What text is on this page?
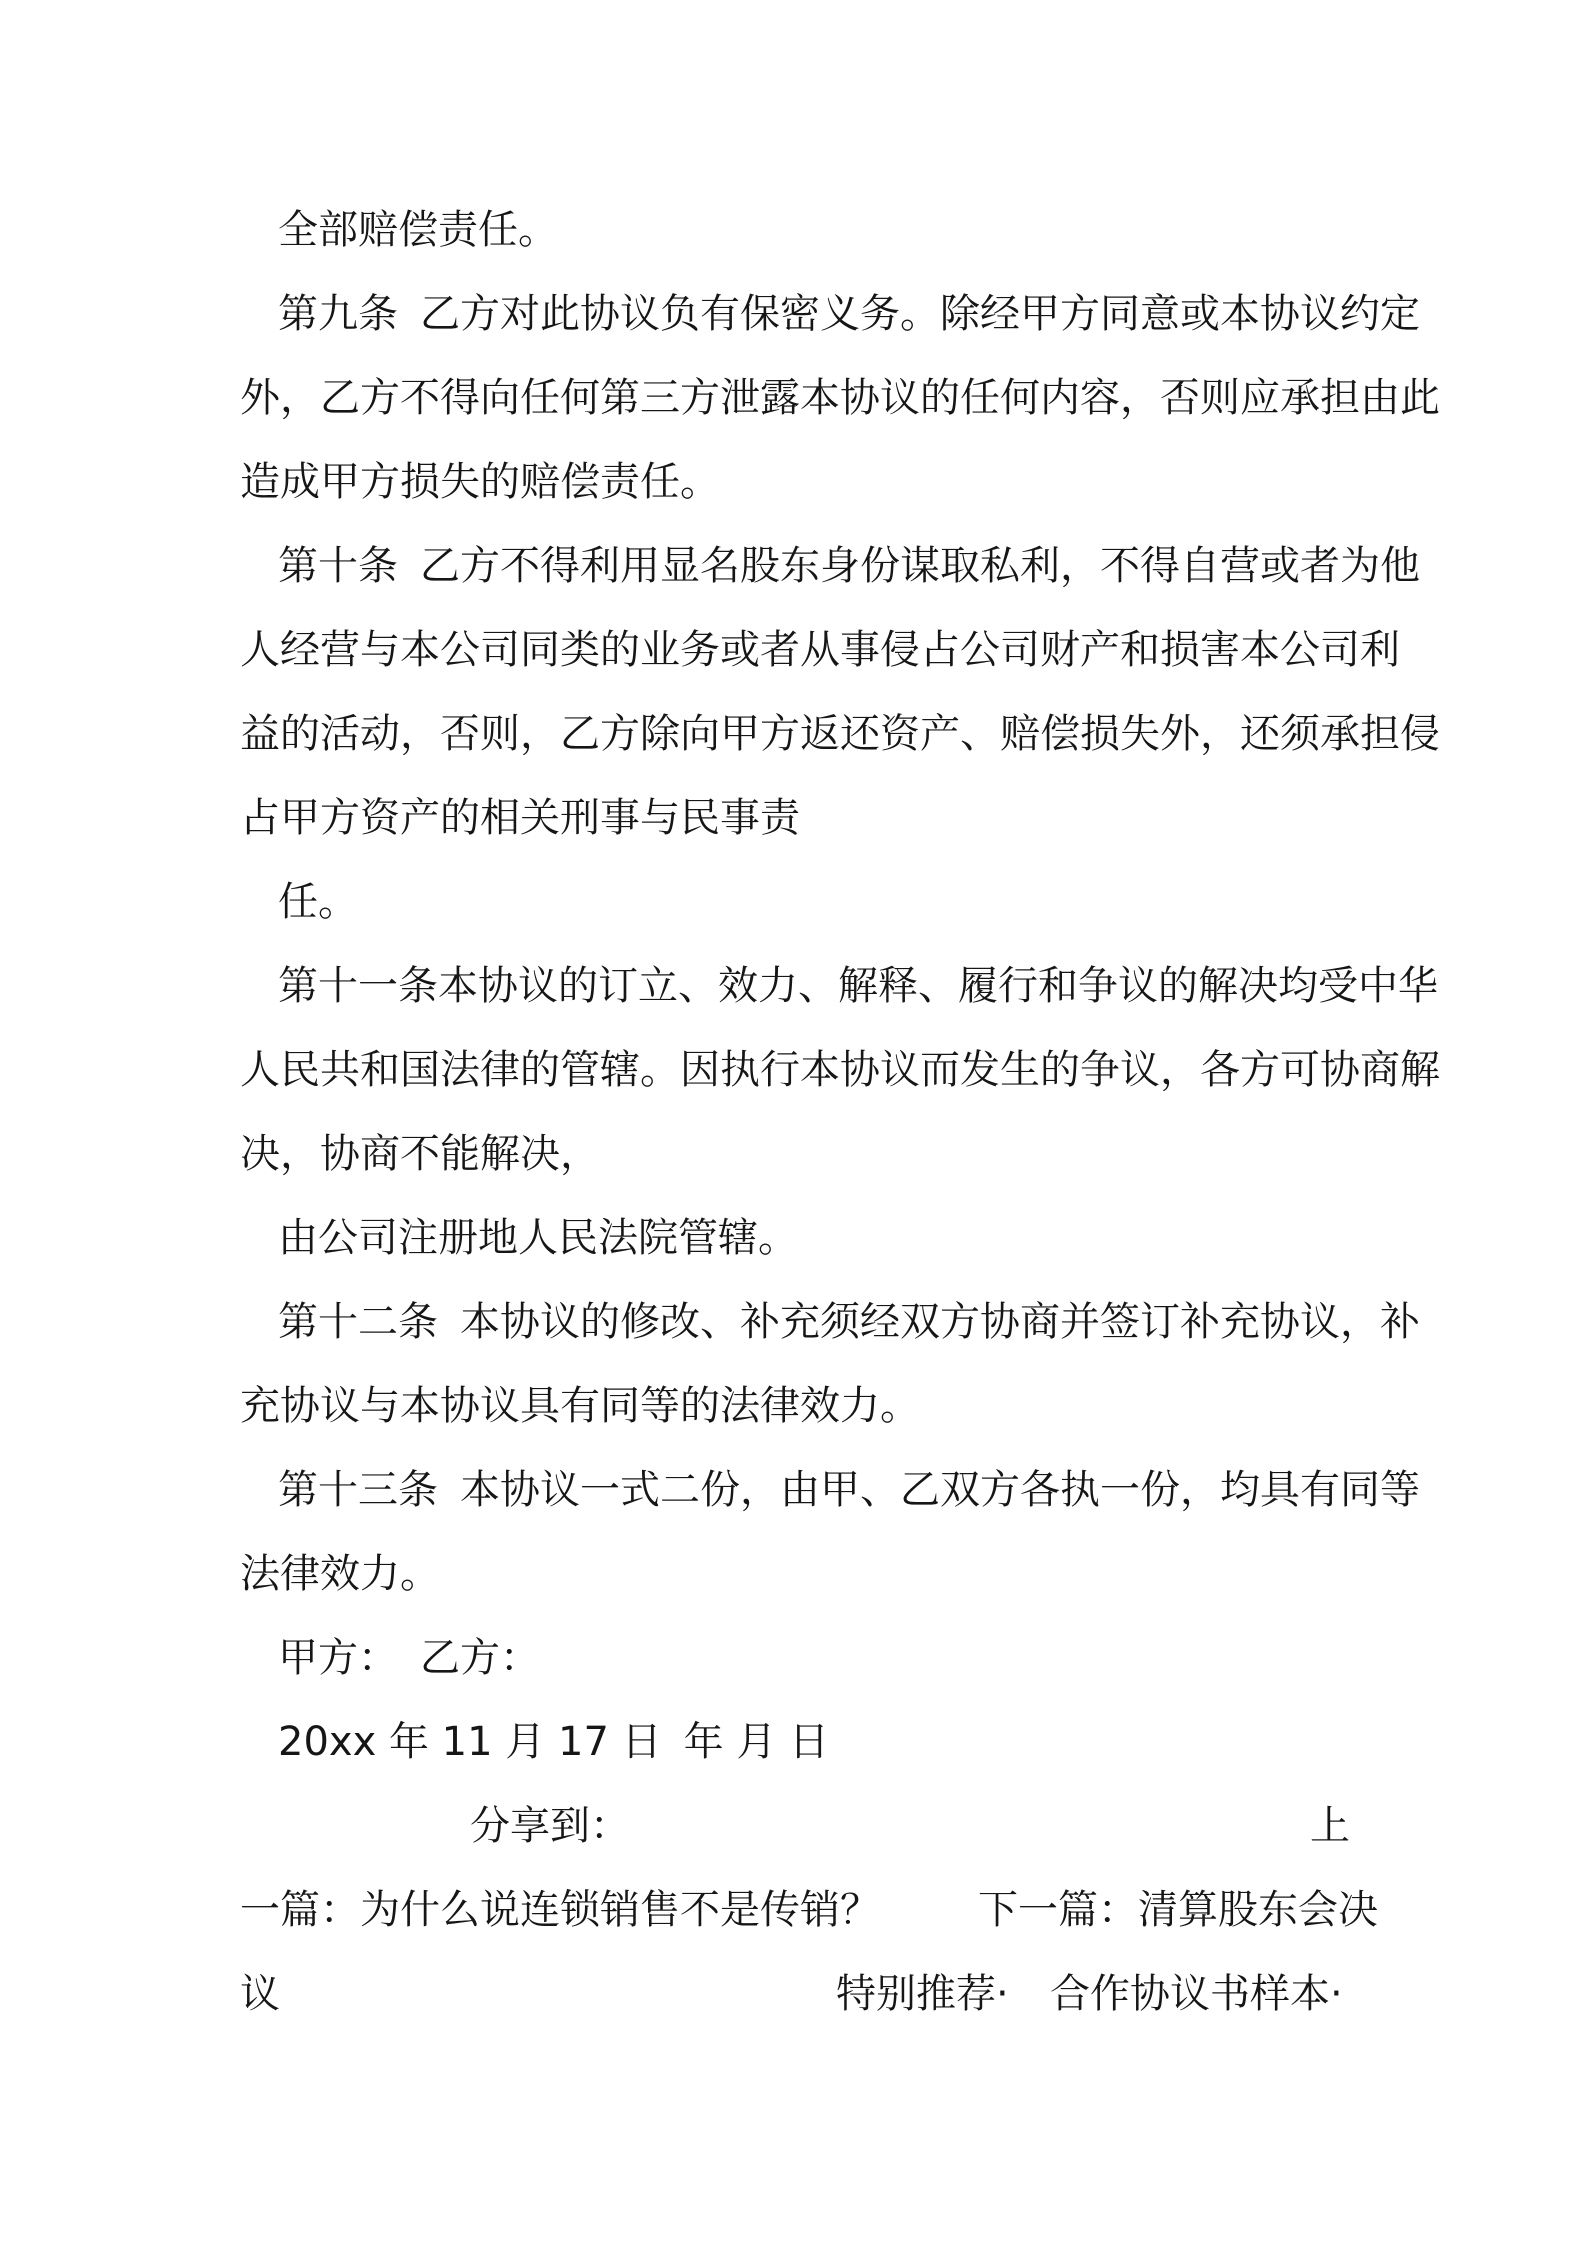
全部赔偿责任。

第九条 乙方对此协议负有保密义务。除经甲方同意或本协议约定

外，乙方不得向任何第三方泄露本协议的任何内容，否则应承担由此

造成甲方损失的赔偿责任。

第十条 乙方不得利用显名股东身份谋取私利，不得自营或者为他

人经营与本公司同类的业务或者从事侵占公司财产和损害本公司利

益的活动，否则，乙方除向甲方返还资产、赔偿损失外，还须承担侵

占甲方资产的相关刑事与民事责

任。

第十一条本协议的订立、效力、解释、履行和争议的解决均受中华

人民共和国法律的管辖。因执行本协议而发生的争议，各方可协商解

决，协商不能解决，

由公司注册地人民法院管辖。

第十二条 本协议的修改、补充须经双方协商并签订补充协议，补

充协议与本协议具有同等的法律效力。

第十三条 本协议一式二份，由甲、乙双方各执一份，均具有同等

法律效力。

甲方： 乙方：

20xx 年 11 月 17 日 年 月 日

分享到：	上
一篇：为什么说连锁销售不是传销？ 下一篇：清算股东会决
议	特别推荐· 合作协议书样本·
